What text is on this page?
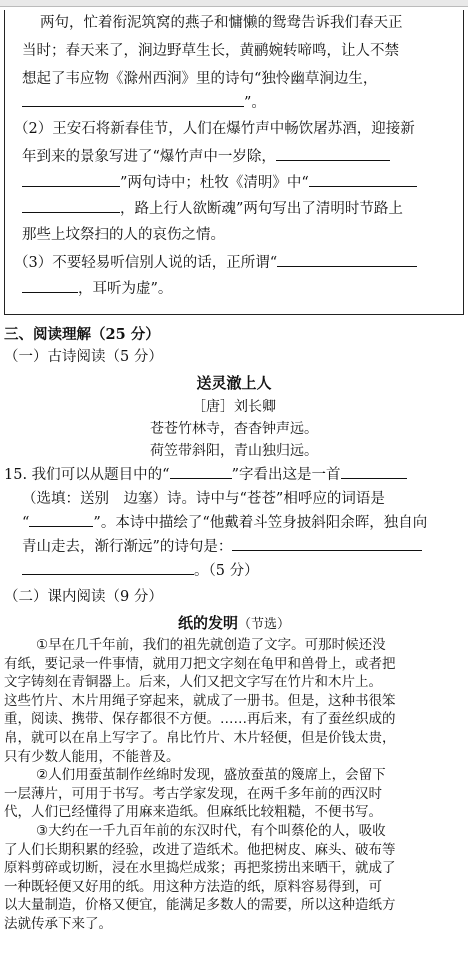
两句，忙着衔泥筑窝的燕子和慵懒的鸳鸯告诉我们春天正
当时；春天来了，涧边野草生长，黄鹂婉转啼鸣，让人不禁
想起了韦应物《滁州西涧》里的诗句“独怜幽草涧边生，
”。
（2）王安石将新春佳节，人们在爆竹声中畅饮屠苏酒，迎接新
年到来的景象写进了“爆竹声中一岁除，
”两句诗中；杜牧《清明》中“
，路上行人欲断魂”两句写出了清明时节路上
那些上坟祭扫的人的哀伤之情。
（3）不要轻易听信别人说的话，正所谓“
，耳听为虚”。
三、阅读理解（25 分）
（一）古诗阅读（5 分）
送灵澈上人
［唐］刘长卿
苍苍竹林寺，杳杳钟声远。
荷笠带斜阳，青山独归远。
15. 我们可以从题目中的“	”字看出这是一首
（选填：送别　边塞）诗。诗中与“苍苍”相呼应的词语是
“	”。本诗中描绘了“他戴着斗笠身披斜阳余晖，独自向
青山走去，渐行渐远”的诗句是：
。（5 分）
（二）课内阅读（9 分）
纸的发明（节选）
①早在几千年前，我们的祖先就创造了文字。可那时候还没
有纸，要记录一件事情，就用刀把文字刻在龟甲和兽骨上，或者把
文字铸刻在青铜器上。后来，人们又把文字写在竹片和木片上。
这些竹片、木片用绳子穿起来，就成了一册书。但是，这种书很笨
重，阅读、携带、保存都很不方便。……再后来，有了蚕丝织成的
帛，就可以在帛上写字了。帛比竹片、木片轻便，但是价钱太贵，
只有少数人能用，不能普及。
②人们用蚕茧制作丝绵时发现，盛放蚕茧的篾席上，会留下
一层薄片，可用于书写。考古学家发现，在两千多年前的西汉时
代，人们已经懂得了用麻来造纸。但麻纸比较粗糙，不便书写。
③大约在一千九百年前的东汉时代，有个叫蔡伦的人，吸收
了人们长期积累的经验，改进了造纸术。他把树皮、麻头、破布等
原料剪碎或切断，浸在水里捣烂成浆；再把浆捞出来晒干，就成了
一种既轻便又好用的纸。用这种方法造的纸，原料容易得到，可
以大量制造，价格又便宜，能满足多数人的需要，所以这种造纸方
法就传承下来了。
